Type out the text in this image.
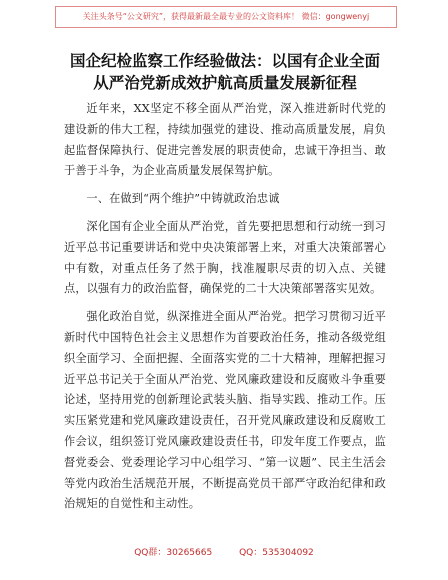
关注头条号“公文研究”，获得最新最全最专业的公文资料库！ 微信：gongwenyj
国企纪检监察工作经验做法：以国有企业全面
从严治党新成效护航高质量发展新征程

近年来，XX坚定不移全面从严治党，深入推进新时代党的建设新的伟大工程，持续加强党的建设、推动高质量发展，肩负起监督保障执行、促进完善发展的职责使命，忠诚干净担当、敢于善于斗争，为企业高质量发展保驾护航。

一、在做到“两个维护”中铸就政治忠诚

深化国有企业全面从严治党，首先要把思想和行动统一到习近平总书记重要讲话和党中央决策部署上来，对重大决策部署心中有数，对重点任务了然于胸，找准履职尽责的切入点、关键点，以强有力的政治监督，确保党的二十大决策部署落实见效。

强化政治自觉，纵深推进全面从严治党。把学习贯彻习近平新时代中国特色社会主义思想作为首要政治任务，推动各级党组织全面学习、全面把握、全面落实党的二十大精神，理解把握习近平总书记关于全面从严治党、党风廉政建设和反腐败斗争重要论述，坚持用党的创新理论武装头脑、指导实践、推动工作。压实压紧党建和党风廉政建设责任，召开党风廉政建设和反腐败工作会议，组织签订党风廉政建设责任书，印发年度工作要点，监督党委会、党委理论学习中心组学习、“第一议题”、民主生活会等党内政治生活规范开展，不断提高党员干部严守政治纪律和政治规矩的自觉性和主动性。

QQ群：30265665	QQ：535304092
